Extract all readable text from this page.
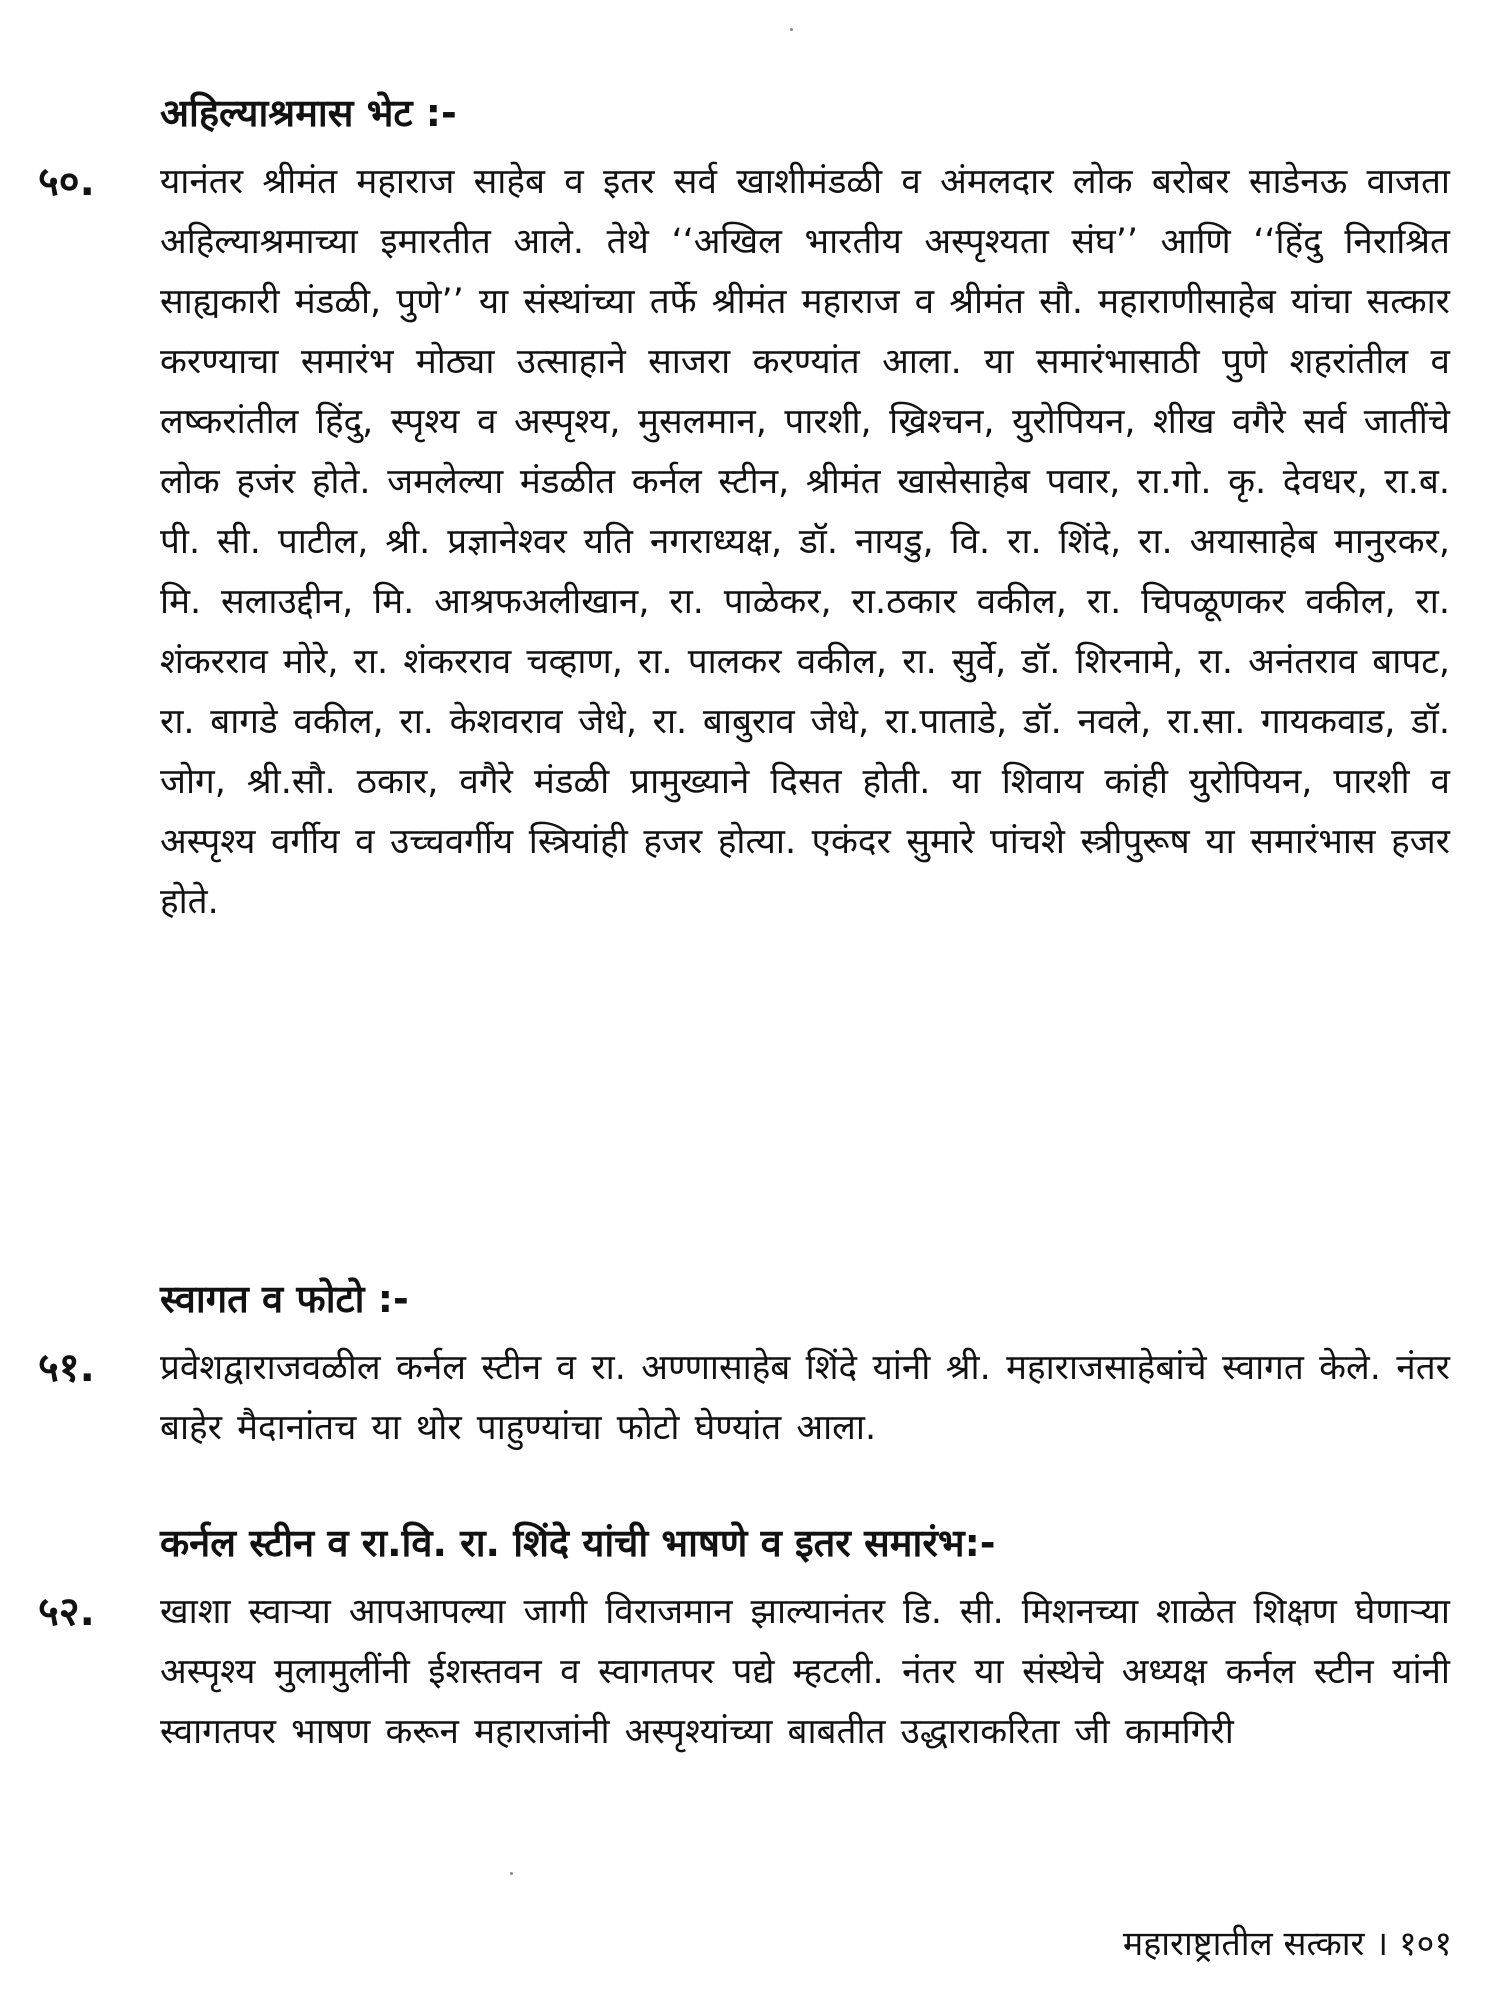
अहिल्याश्रमास भेट :-
५०. यानंतर श्रीमंत महाराज साहेब व इतर सर्व खाशीमंडळी व अंमलदार लोक बरोबर साडेनऊ वाजता अहिल्याश्रमाच्या इमारतीत आले. तेथे ‘‘अखिल भारतीय अस्पृश्यता संघ’’ आणि ‘‘हिंदु निराश्रित साह्यकारी मंडळी, पुणे’’ या संस्थांच्या तर्फे श्रीमंत महाराज व श्रीमंत सौ. महाराणीसाहेब यांचा सत्कार करण्याचा समारंभ मोठ्या उत्साहाने साजरा करण्यांत आला. या समारंभासाठी पुणे शहरांतील व लष्करांतील हिंदु, स्पृश्य व अस्पृश्य, मुसलमान, पारशी, ख्रिश्चन, युरोपियन, शीख वगैरे सर्व जातींचे लोक हजंर होते. जमलेल्या मंडळीत कर्नल स्टीन, श्रीमंत खासेसाहेब पवार, रा.गो. कृ. देवधर, रा.ब. पी. सी. पाटील, श्री. प्रज्ञानेश्वर यति नगराध्यक्ष, डॉ. नायडु, वि. रा. शिंदे, रा. अयासाहेब मानुरकर, मि. सलाउद्दीन, मि. आश्रफअलीखान, रा. पाळेकर, रा.ठकार वकील, रा. चिपळूणकर वकील, रा. शंकरराव मोरे, रा. शंकरराव चव्हाण, रा. पालकर वकील, रा. सुर्वे, डॉ. शिरनामे, रा. अनंतराव बापट, रा. बागडे वकील, रा. केशवराव जेधे, रा. बाबुराव जेधे, रा.पाताडे, डॉ. नवले, रा.सा. गायकवाड, डॉ. जोग, श्री.सौ. ठकार, वगैरे मंडळी प्रामुख्याने दिसत होती. या शिवाय कांही युरोपियन, पारशी व अस्पृश्य वर्गीय व उच्चवर्गीय स्त्रियांही हजर होत्या. एकंदर सुमारे पांचशे स्त्रीपुरूष या समारंभास हजर होते.
स्वागत व फोटो :-
५१. प्रवेशद्वाराजवळील कर्नल स्टीन व रा. अण्णासाहेब शिंदे यांनी श्री. महाराजसाहेबांचे स्वागत केले. नंतर बाहेर मैदानांतच या थोर पाहुण्यांचा फोटो घेण्यांत आला.
कर्नल स्टीन व रा.वि. रा. शिंदे यांची भाषणे व इतर समारंभ:-
५२. खाशा स्वाऱ्या आपआपल्या जागी विराजमान झाल्यानंतर डि. सी. मिशनच्या शाळेत शिक्षण घेणाऱ्या अस्पृश्य मुलामुलींनी ईशस्तवन व स्वागतपर पद्ये म्हटली. नंतर या संस्थेचे अध्यक्ष कर्नल स्टीन यांनी स्वागतपर भाषण करून महाराजांनी अस्पृश्यांच्या बाबतीत उद्धाराकरिता जी कामगिरी
महाराष्ट्रातील सत्कार । १०१
